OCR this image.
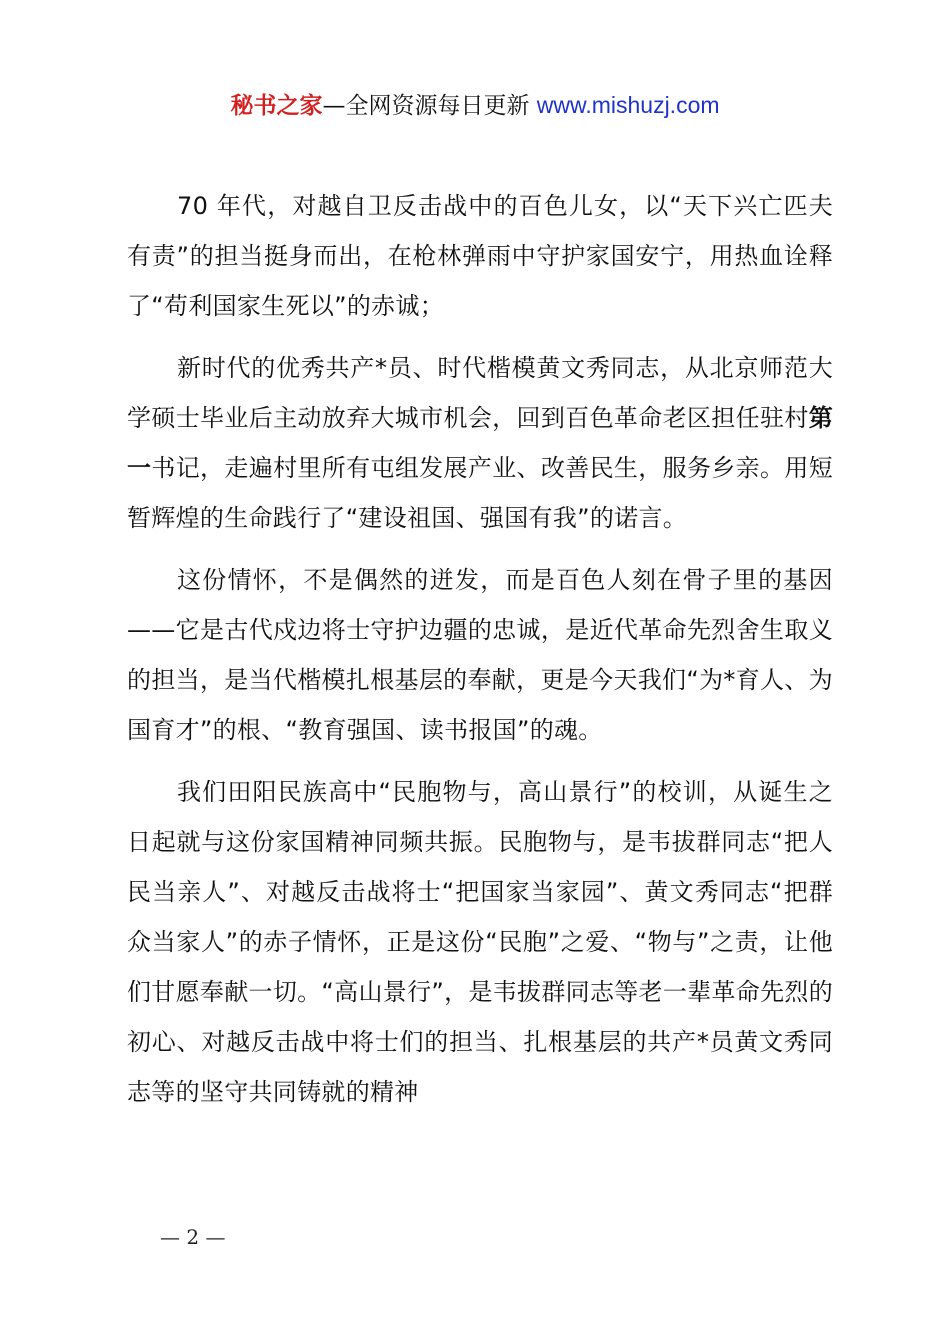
秘书之家—全网资源每日更新 www.mishuzj.com

70 年代，对越自卫反击战中的百色儿女，以“天下兴亡匹夫有责”的担当挺身而出，在枪林弹雨中守护家国安宁，用热血诠释了“苟利国家生死以”的赤诚；

新时代的优秀共产*员、时代楷模黄文秀同志，从北京师范大学硕士毕业后主动放弃大城市机会，回到百色革命老区担任驻村第一书记，走遍村里所有屯组发展产业、改善民生，服务乡亲。用短暂辉煌的生命践行了“建设祖国、强国有我”的诺言。

这份情怀，不是偶然的迸发，而是百色人刻在骨子里的基因——它是古代戍边将士守护边疆的忠诚，是近代革命先烈舍生取义的担当，是当代楷模扎根基层的奉献，更是今天我们“为*育人、为国育才”的根、“教育强国、读书报国”的魂。

我们田阳民族高中“民胞物与，高山景行”的校训，从诞生之日起就与这份家国精神同频共振。民胞物与，是韦拔群同志“把人民当亲人”、对越反击战将士“把国家当家园”、黄文秀同志“把群众当家人”的赤子情怀，正是这份“民胞”之爱、“物与”之责，让他们甘愿奉献一切。“高山景行”，是韦拔群同志等老一辈革命先烈的初心、对越反击战中将士们的担当、扎根基层的共产*员黄文秀同志等的坚守共同铸就的精神

— 2 —
